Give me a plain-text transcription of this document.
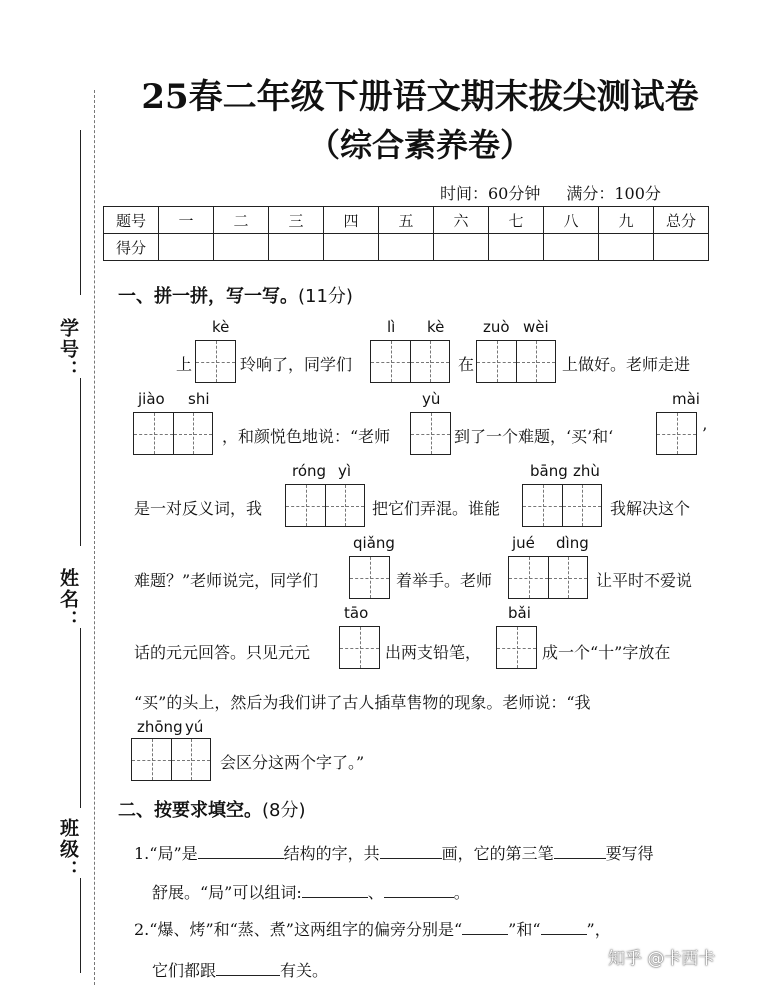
学号：
姓名：
班级：
25春二年级下册语文期末拔尖测试卷
（综合素养卷）
时间：60分钟 满分：100分
题号	一	二	三	四	五	六	七	八	九	总分
得分										
一、拼一拼，写一写。(11分)
kè	lì kè	zuò wèi
上	玲响了，同学们	在	上做好。老师走进
jiào shi	yù	mài
，和颜悦色地说：“老师	到了一个难题，‘买’和‘	’
róng yì	bāng zhù
是一对反义词，我	把它们弄混。谁能	我解决这个
qiǎng	jué dìng
难题？”老师说完，同学们	着举手。老师	让平时不爱说
tāo	bǎi
话的元元回答。只见元元	出两支铅笔，	成一个“十”字放在
“买”的头上，然后为我们讲了古人插草售物的现象。老师说：“我
zhōng yú
会区分这两个字了。”
二、按要求填空。(8分)
1.“局”是	结构的字，共	画，它的第三笔	要写得
舒展。“局”可以组词:	、	。
2.“爆、烤”和“蒸、煮”这两组字的偏旁分别是“	”和“	”，
它们都跟	有关。
知乎 @卡西卡
